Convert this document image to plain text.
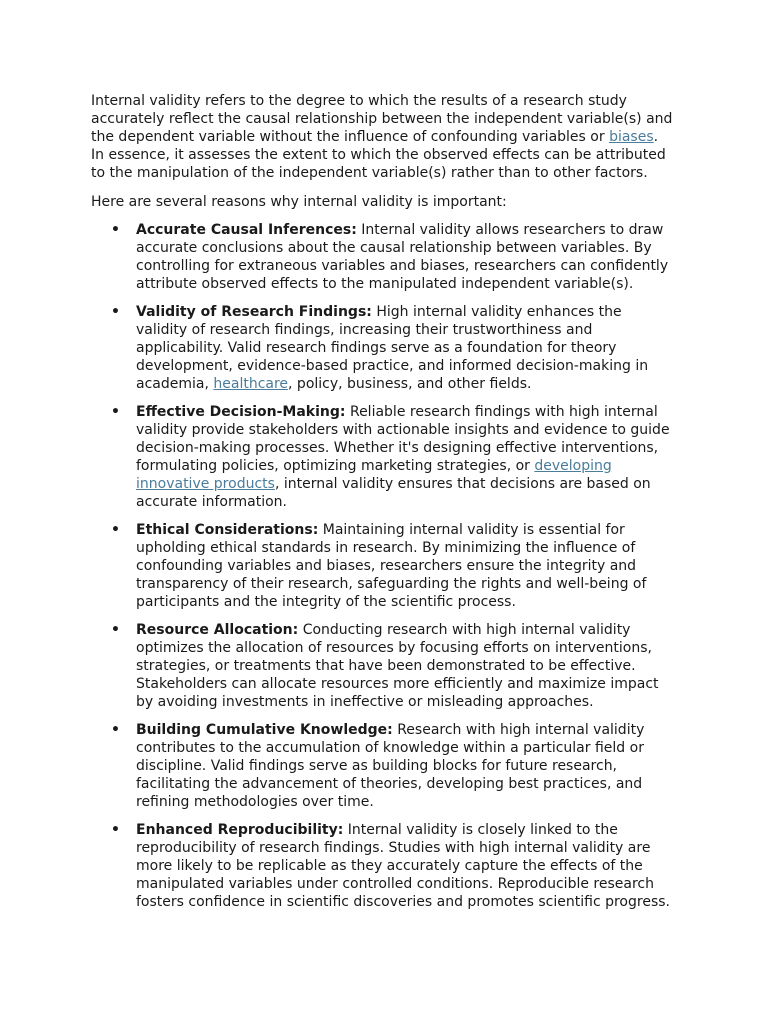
Internal validity refers to the degree to which the results of a research study accurately reflect the causal relationship between the independent variable(s) and the dependent variable without the influence of confounding variables or biases. In essence, it assesses the extent to which the observed effects can be attributed to the manipulation of the independent variable(s) rather than to other factors.

Here are several reasons why internal validity is important:

• Accurate Causal Inferences: Internal validity allows researchers to draw accurate conclusions about the causal relationship between variables. By controlling for extraneous variables and biases, researchers can confidently attribute observed effects to the manipulated independent variable(s).
• Validity of Research Findings: High internal validity enhances the validity of research findings, increasing their trustworthiness and applicability. Valid research findings serve as a foundation for theory development, evidence-based practice, and informed decision-making in academia, healthcare, policy, business, and other fields.
• Effective Decision-Making: Reliable research findings with high internal validity provide stakeholders with actionable insights and evidence to guide decision-making processes. Whether it's designing effective interventions, formulating policies, optimizing marketing strategies, or developing innovative products, internal validity ensures that decisions are based on accurate information.
• Ethical Considerations: Maintaining internal validity is essential for upholding ethical standards in research. By minimizing the influence of confounding variables and biases, researchers ensure the integrity and transparency of their research, safeguarding the rights and well-being of participants and the integrity of the scientific process.
• Resource Allocation: Conducting research with high internal validity optimizes the allocation of resources by focusing efforts on interventions, strategies, or treatments that have been demonstrated to be effective. Stakeholders can allocate resources more efficiently and maximize impact by avoiding investments in ineffective or misleading approaches.
• Building Cumulative Knowledge: Research with high internal validity contributes to the accumulation of knowledge within a particular field or discipline. Valid findings serve as building blocks for future research, facilitating the advancement of theories, developing best practices, and refining methodologies over time.
• Enhanced Reproducibility: Internal validity is closely linked to the reproducibility of research findings. Studies with high internal validity are more likely to be replicable as they accurately capture the effects of the manipulated variables under controlled conditions. Reproducible research fosters confidence in scientific discoveries and promotes scientific progress.
